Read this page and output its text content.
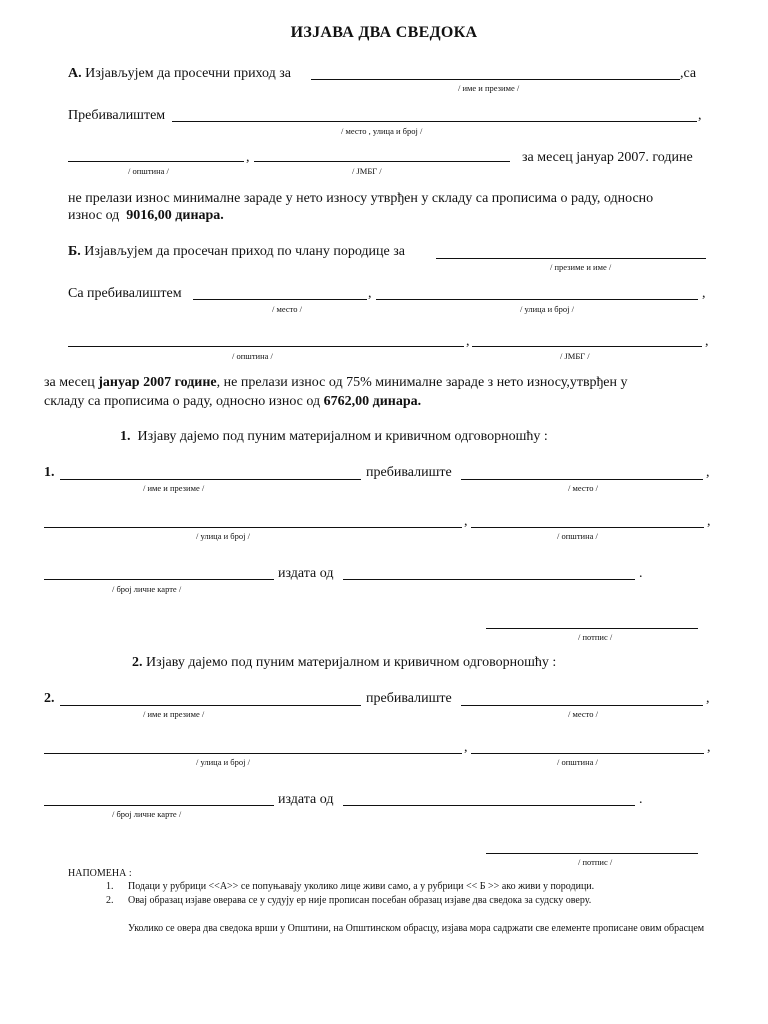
ИЗЈАВА ДВА СВЕДОКА
А. Изјављујем да просечни приход за	,са
/ име и презиме /
Пребивалиштем	,
/ место , улица и број /
,	за месец јануар 2007. године
/ општина /	/ ЈМБГ /
не прелази износ минималне зараде у нето износу утврђен у складу са прописима о раду, односно
износ од 9016,00 динара.
Б. Изјављујем да просечан приход по члану породице за
/ презиме и име /
Са пребивалиштем	,	,
/ место /	/ улица и број /
,	,
/ општина /	/ ЈМБГ /
за месец јануар 2007 године, не прелази износ од 75% минималне зараде з нето износу,утврђен у
складу са прописима о раду, односно износ од 6762,00 динара.
1. Изјаву дајемо под пуним материјалном и кривичном одговорношћу :
1.	пребивалиште	,
/ име и презиме /	/ место /
,	,
/ улица и број /	/ општина /
издата од	.
/ број личне карте /
/ потпис /
2. Изјаву дајемо под пуним материјалном и кривичном одговорношћу :
2.	пребивалиште	,
/ име и презиме /	/ место /
,	,
/ улица и број /	/ општина /
издата од	.
/ број личне карте /
/ потпис /
НАПОМЕНА :
1. Подаци у рубрици <<А>> се попуњавају уколико лице живи само, а у рубрици << Б >> ако живи у породици.
2. Овај образац изјаве оверава се у судују ер није прописан посебан образац изјаве два сведока за судску оверу.
Уколико се овера два сведока врши у Општини, на Општинском обрасцу, изјава мора садржати све елементе прописане овим обрасцем
